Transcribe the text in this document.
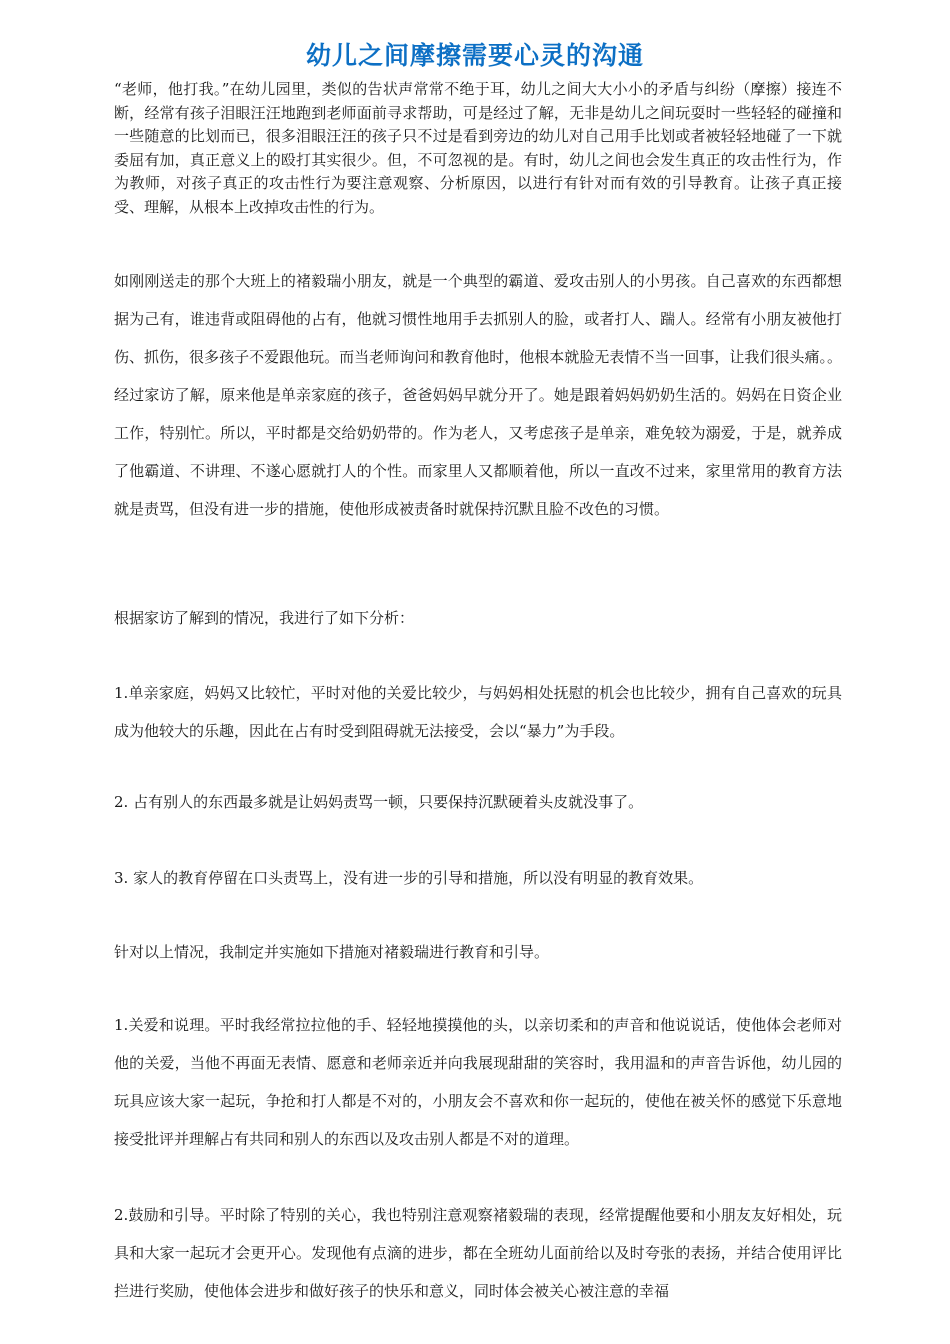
幼儿之间摩擦需要心灵的沟通

“老师，他打我。”在幼儿园里，类似的告状声常常不绝于耳，幼儿之间大大小小的矛盾与纠纷（摩擦）接连不断，经常有孩子泪眼汪汪地跑到老师面前寻求帮助，可是经过了解，无非是幼儿之间玩耍时一些轻轻的碰撞和一些随意的比划而已，很多泪眼汪汪的孩子只不过是看到旁边的幼儿对自己用手比划或者被轻轻地碰了一下就委屈有加，真正意义上的殴打其实很少。但，不可忽视的是。有时，幼儿之间也会发生真正的攻击性行为，作为教师，对孩子真正的攻击性行为要注意观察、分析原因，以进行有针对而有效的引导教育。让孩子真正接受、理解，从根本上改掉攻击性的行为。

如刚刚送走的那个大班上的褚毅瑞小朋友，就是一个典型的霸道、爱攻击别人的小男孩。自己喜欢的东西都想据为己有，谁违背或阻碍他的占有，他就习惯性地用手去抓别人的脸，或者打人、踹人。经常有小朋友被他打伤、抓伤，很多孩子不爱跟他玩。而当老师询问和教育他时，他根本就脸无表情不当一回事，让我们很头痛。。经过家访了解，原来他是单亲家庭的孩子，爸爸妈妈早就分开了。她是跟着妈妈奶奶生活的。妈妈在日资企业工作，特别忙。所以，平时都是交给奶奶带的。作为老人，又考虑孩子是单亲，难免较为溺爱，于是，就养成了他霸道、不讲理、不遂心愿就打人的个性。而家里人又都顺着他，所以一直改不过来，家里常用的教育方法就是责骂，但没有进一步的措施，使他形成被责备时就保持沉默且脸不改色的习惯。

根据家访了解到的情况，我进行了如下分析：

1.单亲家庭，妈妈又比较忙，平时对他的关爱比较少，与妈妈相处抚慰的机会也比较少，拥有自己喜欢的玩具成为他较大的乐趣，因此在占有时受到阻碍就无法接受，会以“暴力”为手段。

2. 占有别人的东西最多就是让妈妈责骂一顿，只要保持沉默硬着头皮就没事了。

3. 家人的教育停留在口头责骂上，没有进一步的引导和措施，所以没有明显的教育效果。

针对以上情况，我制定并实施如下措施对褚毅瑞进行教育和引导。

1.关爱和说理。平时我经常拉拉他的手、轻轻地摸摸他的头，以亲切柔和的声音和他说说话，使他体会老师对他的关爱，当他不再面无表情、愿意和老师亲近并向我展现甜甜的笑容时，我用温和的声音告诉他，幼儿园的玩具应该大家一起玩，争抢和打人都是不对的，小朋友会不喜欢和你一起玩的，使他在被关怀的感觉下乐意地接受批评并理解占有共同和别人的东西以及攻击别人都是不对的道理。

2.鼓励和引导。平时除了特别的关心，我也特别注意观察褚毅瑞的表现，经常提醒他要和小朋友友好相处，玩具和大家一起玩才会更开心。发现他有点滴的进步，都在全班幼儿面前给以及时夸张的表扬，并结合使用评比拦进行奖励，使他体会进步和做好孩子的快乐和意义，同时体会被关心被注意的幸福
